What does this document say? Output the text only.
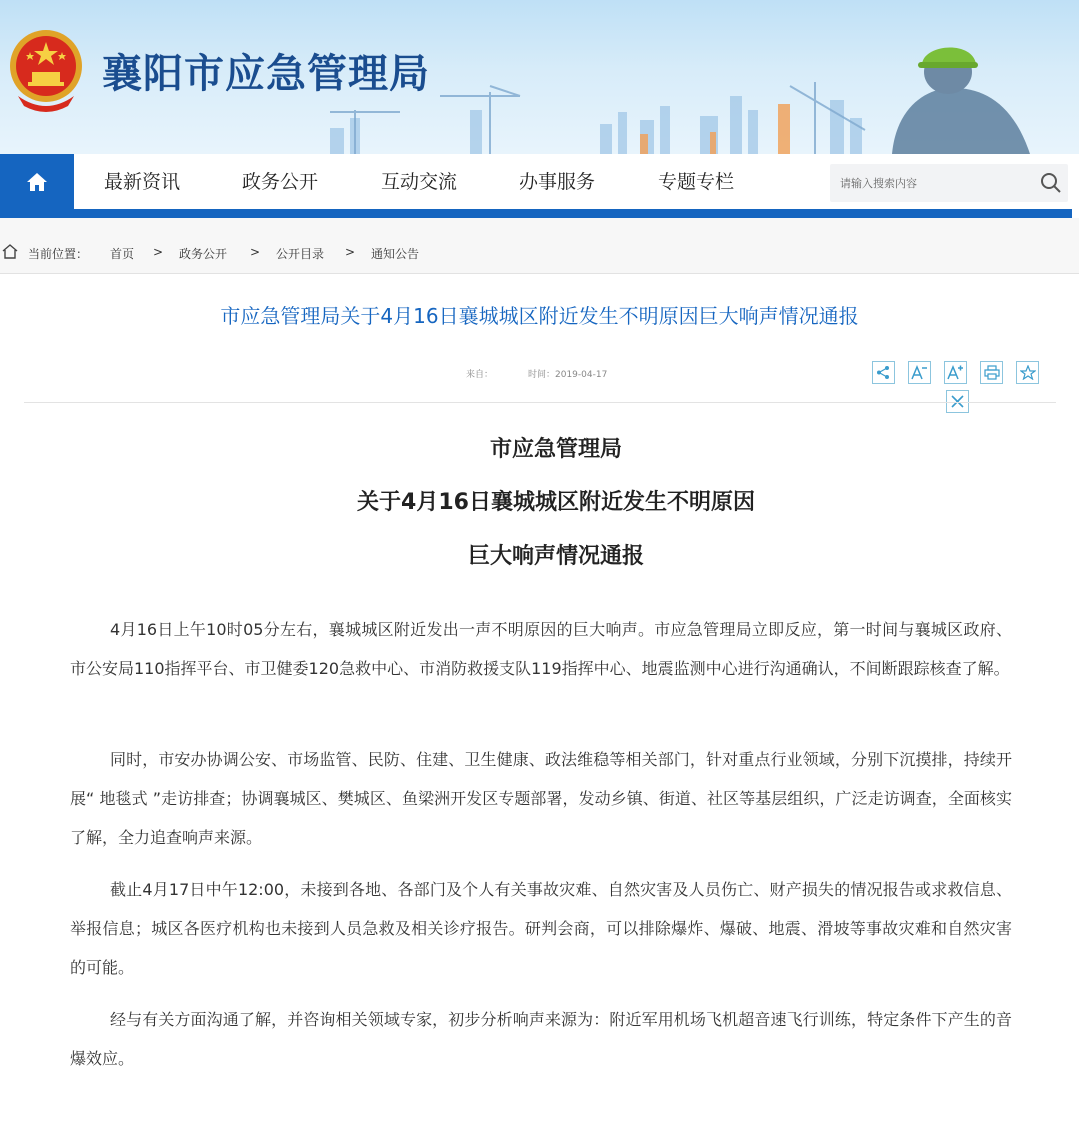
襄阳市应急管理局
最新资讯	政务公开	互动交流	办事服务	专题专栏
请输入搜索内容
当前位置： 首页 > 政务公开 > 公开目录 > 通知公告
市应急管理局关于4月16日襄城城区附近发生不明原因巨大响声情况通报
来自：	时间：2019-04-17
市应急管理局
关于4月16日襄城城区附近发生不明原因
巨大响声情况通报

4月16日上午10时05分左右，襄城城区附近发出一声不明原因的巨大响声。市应急管理局立即反应，第一时间与襄城区政府、市公安局110指挥平台、市卫健委120急救中心、市消防救援支队119指挥中心、地震监测中心进行沟通确认，不间断跟踪核查了解。

同时，市安办协调公安、市场监管、民防、住建、卫生健康、政法维稳等相关部门，针对重点行业领域，分别下沉摸排，持续开展“ 地毯式 ”走访排查；协调襄城区、樊城区、鱼梁洲开发区专题部署，发动乡镇、街道、社区等基层组织，广泛走访调查，全面核实了解，全力追查响声来源。

截止4月17日中午12:00，未接到各地、各部门及个人有关事故灾难、自然灾害及人员伤亡、财产损失的情况报告或求救信息、举报信息；城区各医疗机构也未接到人员急救及相关诊疗报告。研判会商，可以排除爆炸、爆破、地震、滑坡等事故灾难和自然灾害的可能。

经与有关方面沟通了解，并咨询相关领域专家，初步分析响声来源为：附近军用机场飞机超音速飞行训练，特定条件下产生的音爆效应。
